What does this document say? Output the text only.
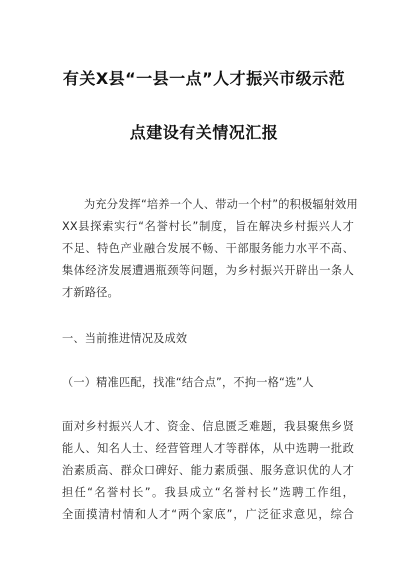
有关X县“一县一点”人才振兴市级示范
点建设有关情况汇报
为充分发挥“培养一个人、带动一个村”的积极辐射效用
XX县探索实行“名誉村长”制度，旨在解决乡村振兴人才
不足、特色产业融合发展不畅、干部服务能力水平不高、
集体经济发展遭遇瓶颈等问题，为乡村振兴开辟出一条人
才新路径。
一、当前推进情况及成效
（一）精准匹配，找准“结合点”，不拘一格“选”人
面对乡村振兴人才、资金、信息匮乏难题，我县聚焦乡贤
能人、知名人士、经营管理人才等群体，从中选聘一批政
治素质高、群众口碑好、能力素质强、服务意识优的人才
担任“名誉村长”。我县成立“名誉村长”选聘工作组，
全面摸清村情和人才“两个家底”，广泛征求意见，综合
